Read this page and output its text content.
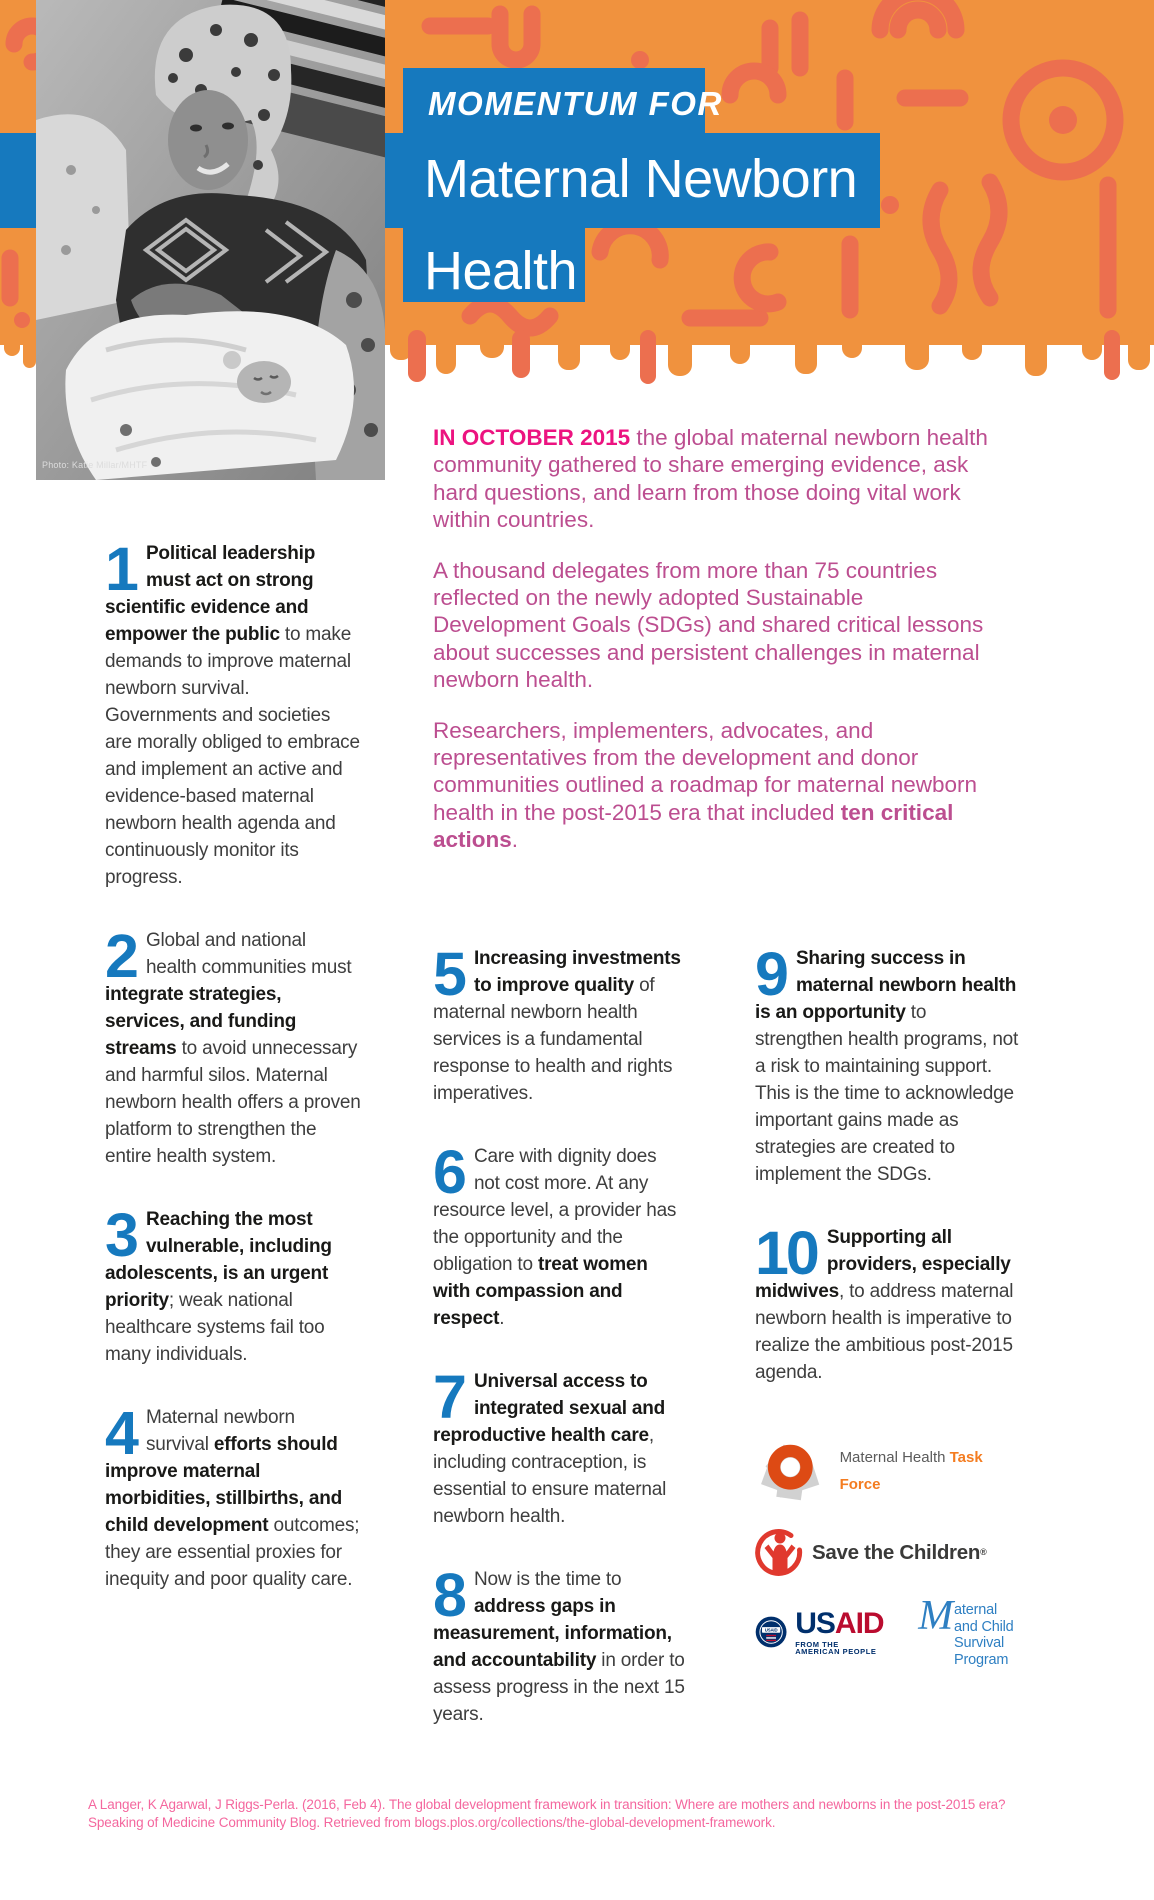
MOMENTUM FOR
Maternal Newborn
Health
Photo: Katie Millar/MHTF

IN OCTOBER 2015 the global maternal newborn health community gathered to share emerging evidence, ask hard questions, and learn from those doing vital work within countries.

A thousand delegates from more than 75 countries reflected on the newly adopted Sustainable Development Goals (SDGs) and shared critical lessons about successes and persistent challenges in maternal newborn health.

Researchers, implementers, advocates, and representatives from the development and donor communities outlined a roadmap for maternal newborn health in the post-2015 era that included ten critical actions.

1 Political leadership must act on strong scientific evidence and empower the public to make demands to improve maternal newborn survival. Governments and societies are morally obliged to embrace and implement an active and evidence-based maternal newborn health agenda and continuously monitor its progress.
2 Global and national health communities must integrate strategies, services, and funding streams to avoid unnecessary and harmful silos. Maternal newborn health offers a proven platform to strengthen the entire health system.
3 Reaching the most vulnerable, including adolescents, is an urgent priority; weak national healthcare systems fail too many individuals.
4 Maternal newborn survival efforts should improve maternal morbidities, stillbirths, and child development outcomes; they are essential proxies for inequity and poor quality care.
5 Increasing investments to improve quality of maternal newborn health services is a fundamental response to health and rights imperatives.
6 Care with dignity does not cost more. At any resource level, a provider has the opportunity and the obligation to treat women with compassion and respect.
7 Universal access to integrated sexual and reproductive health care, including contraception, is essential to ensure maternal newborn health.
8 Now is the time to address gaps in measurement, information, and accountability in order to assess progress in the next 15 years.
9 Sharing success in maternal newborn health is an opportunity to strengthen health programs, not a risk to maintaining support. This is the time to acknowledge important gains made as strategies are created to implement the SDGs.
10 Supporting all providers, especially midwives, to address maternal newborn health is imperative to realize the ambitious post-2015 agenda.
Maternal Health Task Force
Save the Children®
USAID USAID
FROM THE AMERICAN PEOPLE
M aternal and Child
Survival Program
A Langer, K Agarwal, J Riggs-Perla. (2016, Feb 4). The global development framework in transition: Where are mothers and newborns in the post-2015 era?
Speaking of Medicine Community Blog. Retrieved from blogs.plos.org/collections/the-global-development-framework.
